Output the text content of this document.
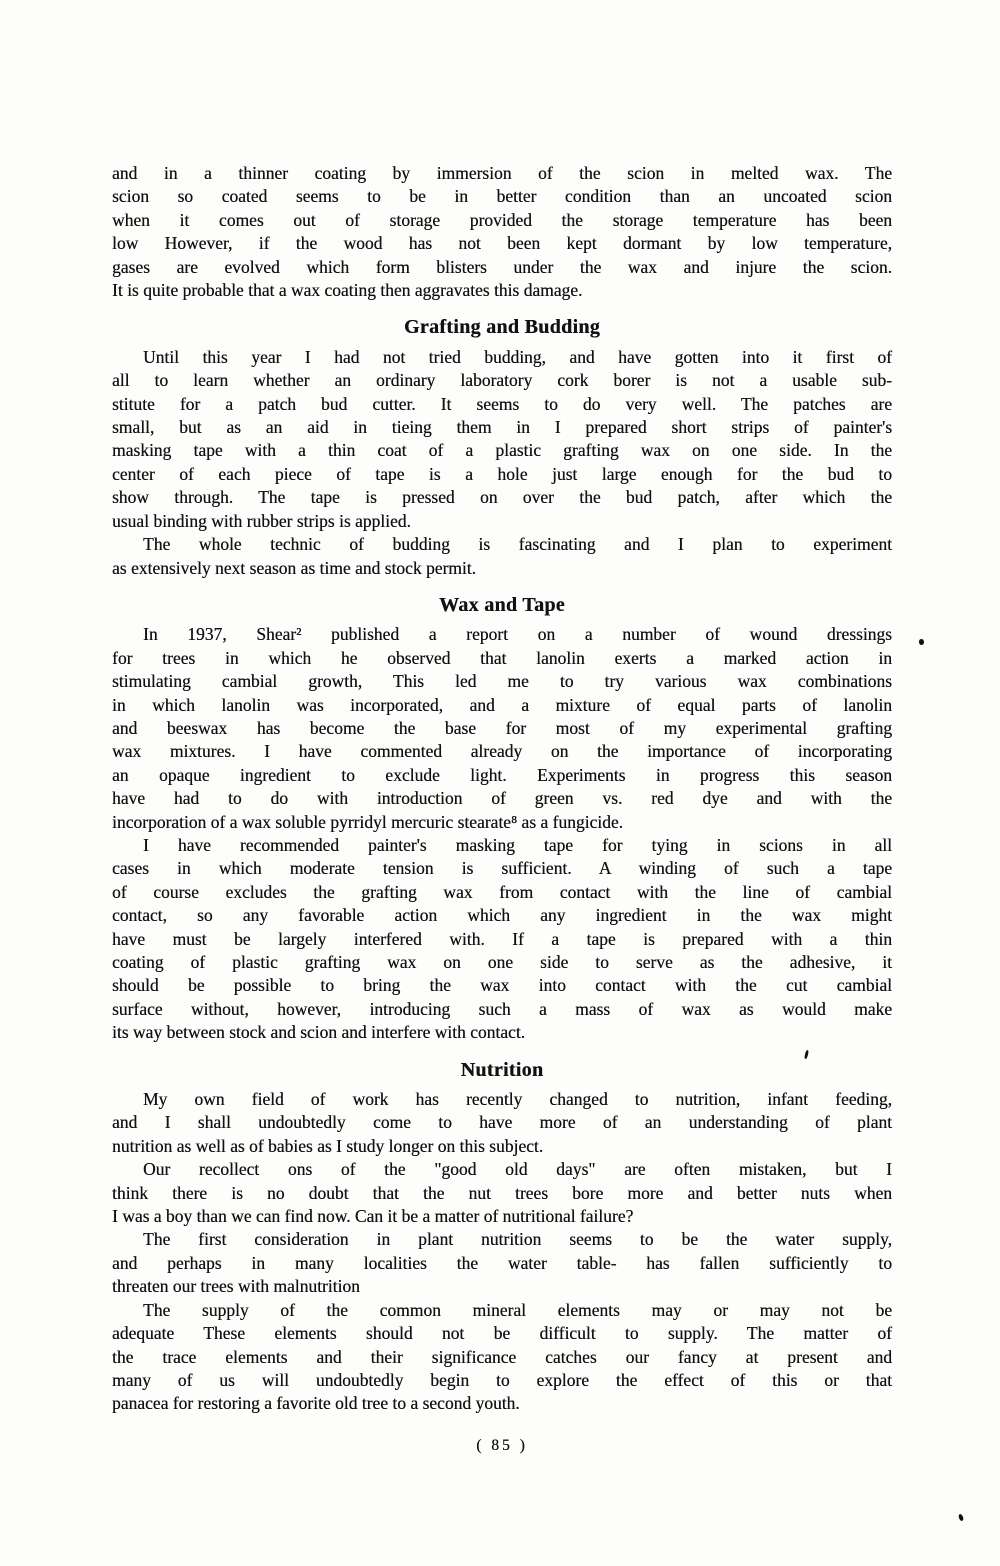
and in a thinner coating by immersion of the scion in melted wax. The
scion so coated seems to be in better condition than an uncoated scion
when it comes out of storage provided the storage temperature has been
low However, if the wood has not been kept dormant by low temperature,
gases are evolved which form blisters under the wax and injure the scion.
It is quite probable that a wax coating then aggravates this damage.
Grafting and Budding
Until this year I had not tried budding, and have gotten into it first of
all to learn whether an ordinary laboratory cork borer is not a usable sub-
stitute for a patch bud cutter. It seems to do very well. The patches are
small, but as an aid in tieing them in I prepared short strips of painter's
masking tape with a thin coat of a plastic grafting wax on one side. In the
center of each piece of tape is a hole just large enough for the bud to
show through. The tape is pressed on over the bud patch, after which the
usual binding with rubber strips is applied.
The whole technic of budding is fascinating and I plan to experiment
as extensively next season as time and stock permit.
Wax and Tape
In 1937, Shear² published a report on a number of wound dressings
for trees in which he observed that lanolin exerts a marked action in
stimulating cambial growth, This led me to try various wax combinations
in which lanolin was incorporated, and a mixture of equal parts of lanolin
and beeswax has become the base for most of my experimental grafting
wax mixtures. I have commented already on the importance of incorporating
an opaque ingredient to exclude light. Experiments in progress this season
have had to do with introduction of green vs. red dye and with the
incorporation of a wax soluble pyrridyl mercuric stearate⁸ as a fungicide.
I have recommended painter's masking tape for tying in scions in all
cases in which moderate tension is sufficient. A winding of such a tape
of course excludes the grafting wax from contact with the line of cambial
contact, so any favorable action which any ingredient in the wax might
have must be largely interfered with. If a tape is prepared with a thin
coating of plastic grafting wax on one side to serve as the adhesive, it
should be possible to bring the wax into contact with the cut cambial
surface without, however, introducing such a mass of wax as would make
its way between stock and scion and interfere with contact.
Nutrition
My own field of work has recently changed to nutrition, infant feeding,
and I shall undoubtedly come to have more of an understanding of plant
nutrition as well as of babies as I study longer on this subject.
Our recollect ons of the "good old days" are often mistaken, but I
think there is no doubt that the nut trees bore more and better nuts when
I was a boy than we can find now. Can it be a matter of nutritional failure?
The first consideration in plant nutrition seems to be the water supply,
and perhaps in many localities the water table- has fallen sufficiently to
threaten our trees with malnutrition
The supply of the common mineral elements may or may not be
adequate These elements should not be difficult to supply. The matter of
the trace elements and their significance catches our fancy at present and
many of us will undoubtedly begin to explore the effect of this or that
panacea for restoring a favorite old tree to a second youth.
( 85 )
